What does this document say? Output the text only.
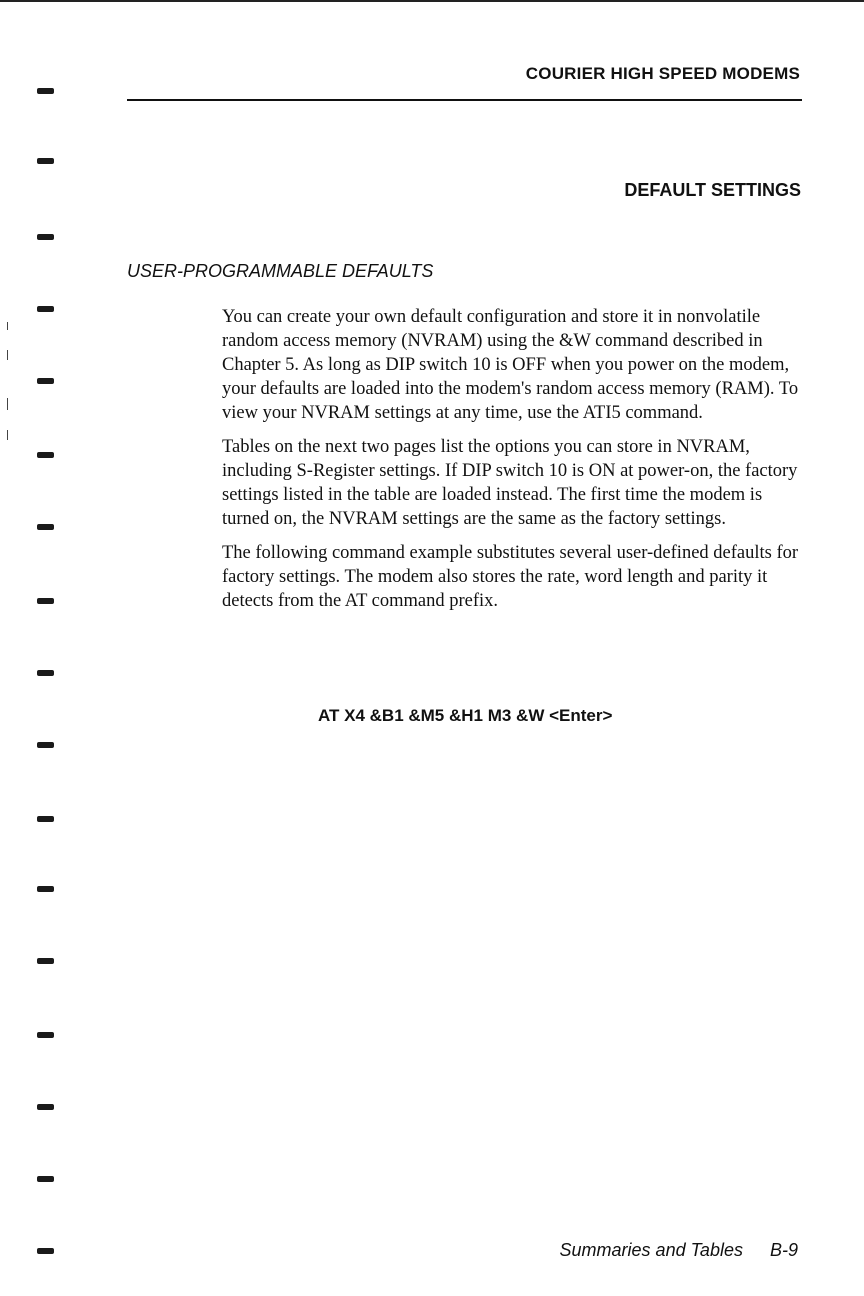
COURIER HIGH SPEED MODEMS
DEFAULT SETTINGS
USER-PROGRAMMABLE DEFAULTS

You can create your own default configuration and store it in nonvolatile random access memory (NVRAM) using the &W command described in Chapter 5. As long as DIP switch 10 is OFF when you power on the modem, your defaults are loaded into the modem's random access memory (RAM). To view your NVRAM settings at any time, use the ATI5 command.

Tables on the next two pages list the options you can store in NVRAM, including S-Register settings. If DIP switch 10 is ON at power-on, the factory settings listed in the table are loaded instead. The first time the modem is turned on, the NVRAM settings are the same as the factory settings.

The following command example substitutes several user-defined defaults for factory settings. The modem also stores the rate, word length and parity it detects from the AT command prefix.

AT X4 &B1 &M5 &H1 M3 &W <Enter>
Summaries and Tables B-9
